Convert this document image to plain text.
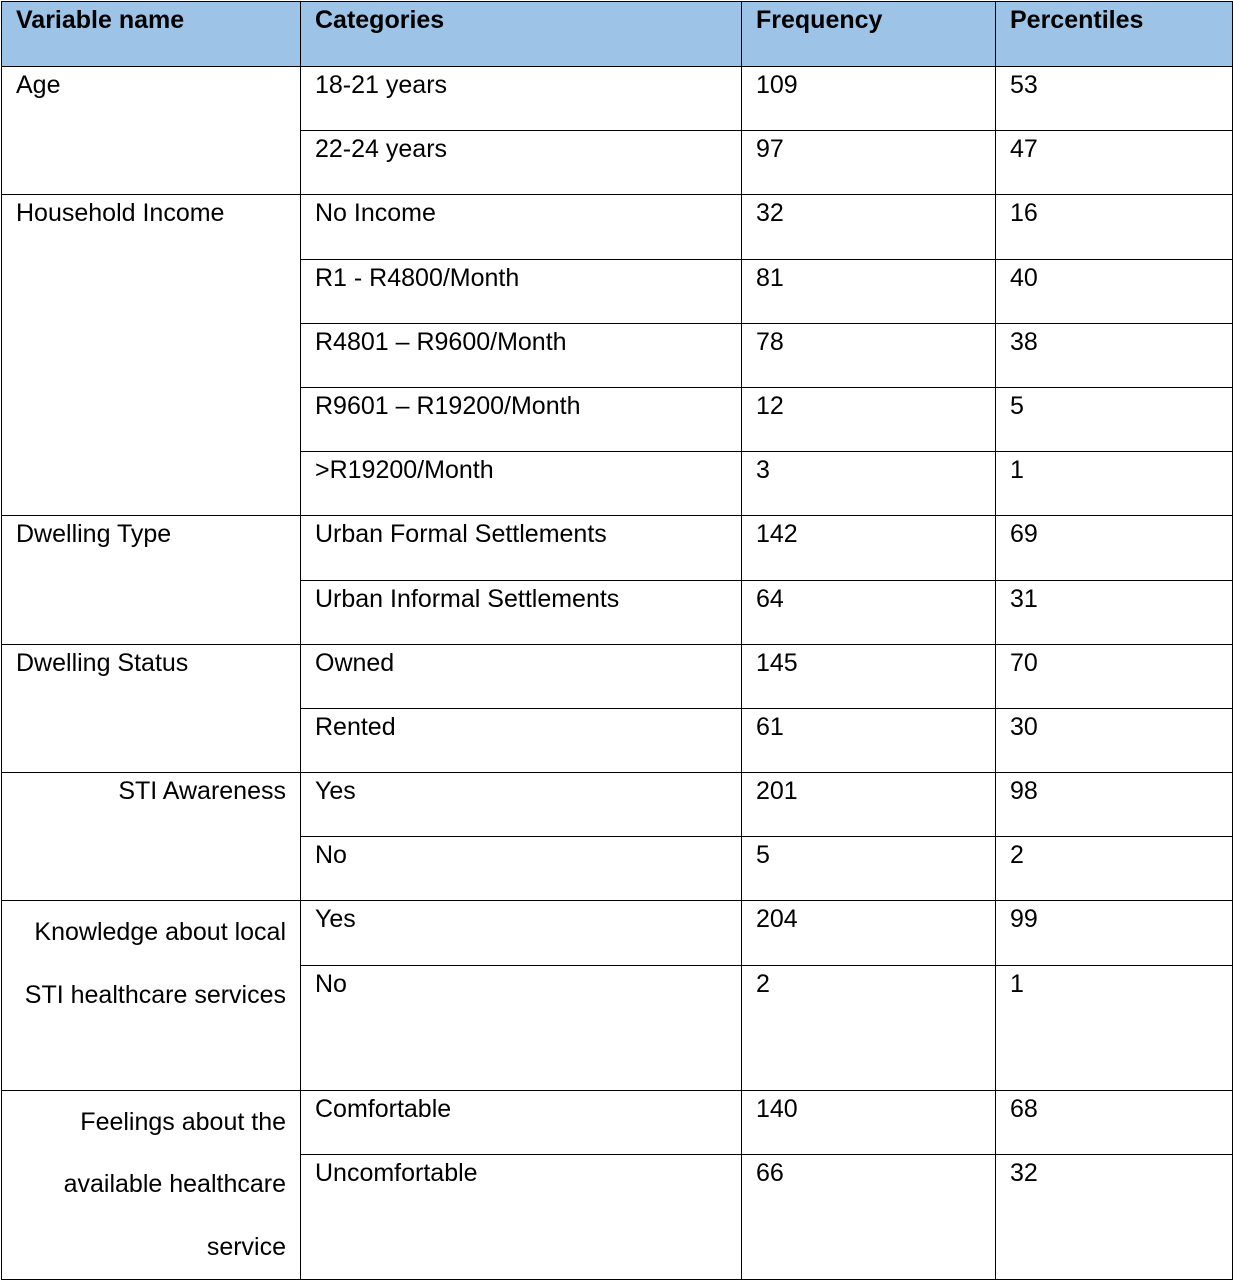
Variable name	Categories	Frequency	Percentiles
Age	18-21 years	109	53
	22-24 years	97	47
Household Income	No Income	32	16
	R1 - R4800/Month	81	40
	R4801 – R9600/Month	78	38
	R9601 – R19200/Month	12	5
	>R19200/Month	3	1
Dwelling Type	Urban Formal Settlements	142	69
	Urban Informal Settlements	64	31
Dwelling Status	Owned	145	70
	Rented	61	30
STI Awareness	Yes	201	98
	No	5	2
Knowledge about local STI healthcare services	Yes	204	99
	No	2	1
Feelings about the available healthcare service	Comfortable	140	68
	Uncomfortable	66	32
